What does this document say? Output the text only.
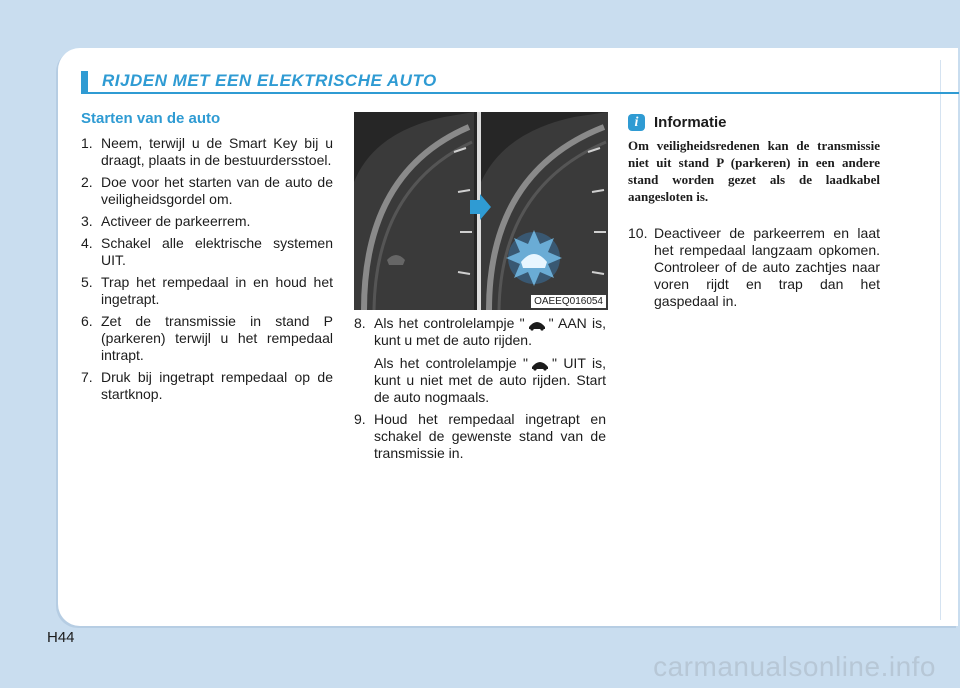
RIJDEN MET EEN ELEKTRISCHE AUTO
Starten van de auto
1. Neem, terwijl u de Smart Key bij u draagt, plaats in de bestuurdersstoel.
2. Doe voor het starten van de auto de veiligheidsgordel om.
3. Activeer de parkeerrem.
4. Schakel alle elektrische systemen UIT.
5. Trap het rempedaal in en houd het ingetrapt.
6. Zet de transmissie in stand P (parkeren) terwijl u het rempedaal intrapt.
7. Druk bij ingetrapt rempedaal op de startknop.
OAEEQ016054
8. Als het controlelampje " " AAN is, kunt u met de auto rijden.
Als het controlelampje " " UIT is, kunt u niet met de auto rijden. Start de auto nogmaals.
9. Houd het rempedaal ingetrapt en schakel de gewenste stand van de transmissie in.
i	Informatie

Om veiligheidsredenen kan de transmissie niet uit stand P (parkeren) in een andere stand worden gezet als de laadkabel aangesloten is.

10. Deactiveer de parkeerrem en laat het rempedaal langzaam opkomen. Controleer of de auto zachtjes naar voren rijdt en trap dan het gaspedaal in.
H44
carmanualsonline.info
